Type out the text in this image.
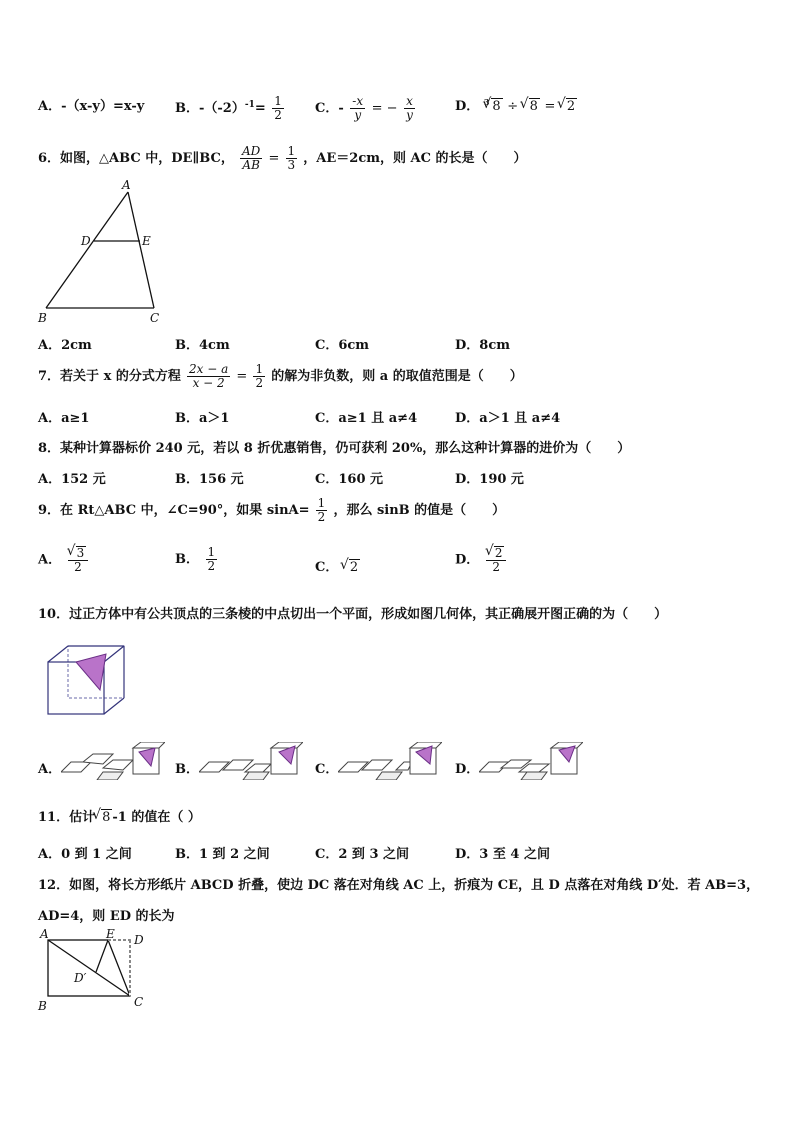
A．-（x-y）=x-y	B．$-(-2)^{-1}= \frac{1}{2}$ C．- $\frac{-x}{y}$ = − $\frac{x}{y}$	D． $^3$ √ 8 ÷ √ 8 = √ 2
6．如图，△ABC 中，DE∥BC， $\frac{AD}{AB} = \frac{1}{3}$ ，AE＝2cm，则 AC 的长是（　　）
A
D	E
B	C
A．2cm	B．4cm	C．6cm	D．8cm
7．若关于 x 的分式方程 $\frac{2x - a}{x - 2} = \frac{1}{2}$ 的解为非负数，则 a 的取值范围是（　　）
A．a≥1	B．a＞1	C．a≥1 且 a≠4	D．a＞1 且 a≠4
8．某种计算器标价 240 元，若以 8 折优惠销售，仍可获利 20%，那么这种计算器的进价为（　　）
A．152 元	B．156 元	C．160 元	D．190 元
9．在 Rt△ABC 中，∠C=90°，如果 $\sin A= \frac{1}{2}$ ，那么 sinB 的值是（　　）
A． √ $\frac{3}{2}$	B． $\frac{1}{2}$	C． √ 2	D． √ $\frac{2}{2}$
10．过正方体中有公共顶点的三条棱的中点切出一个平面，形成如图几何体，其正确展开图正确的为（　　）
A．	B．	C．	D．
11．估计 √ 8 -1 的值在（ ）
A．0 到 1 之间	B．1 到 2 之间	C．2 到 3 之间	D．3 至 4 之间
12．如图，将长方形纸片 ABCD 折叠，使边 DC 落在对角线 AC 上，折痕为 CE，且 D 点落在对角线 D′处．若 AB=3，
AD=4，则 ED 的长为
A	E D
D′
B	C
